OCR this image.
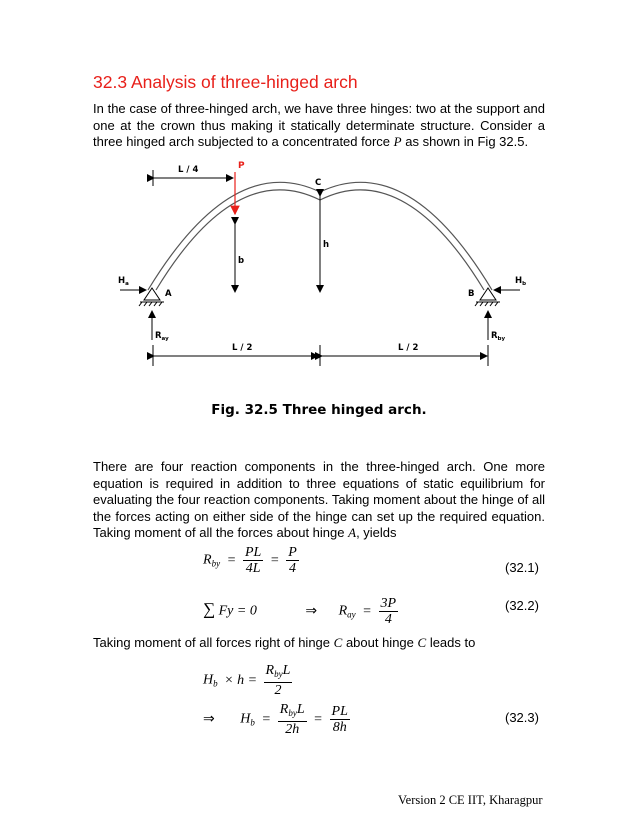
32.3 Analysis of three-hinged arch
In the case of three-hinged arch, we have three hinges: two at the support and one at the crown thus making it statically determinate structure. Consider a three hinged arch subjected to a concentrated force P as shown in Fig 32.5.
P
L / 4
b
C
h
$H_a$	$H_b$
A	B
$R_{ay}$	$R_{by}$
L / 2	L / 2
Fig. 32.5 Three hinged arch.
There are four reaction components in the three-hinged arch. One more equation is required in addition to three equations of static equilibrium for evaluating the four reaction components. Taking moment about the hinge of all the forces acting on either side of the hinge can set up the required equation. Taking moment of all the forces about hinge A, yields
$R_{by} = \frac{PL}{4L} = \frac{P}{4}$	(32.1)
∑ Fy = 0	⇒ $R_{ay} = \frac{3P}{4}$	(32.2)
Taking moment of all forces right of hinge C about hinge C leads to
$H_b \times h = \frac{R_{by}L}{2}$
⇒ $H_b = \frac{R_{by}L}{2h} = \frac{PL}{8h}$	(32.3)
Version 2 CE IIT, Kharagpur
